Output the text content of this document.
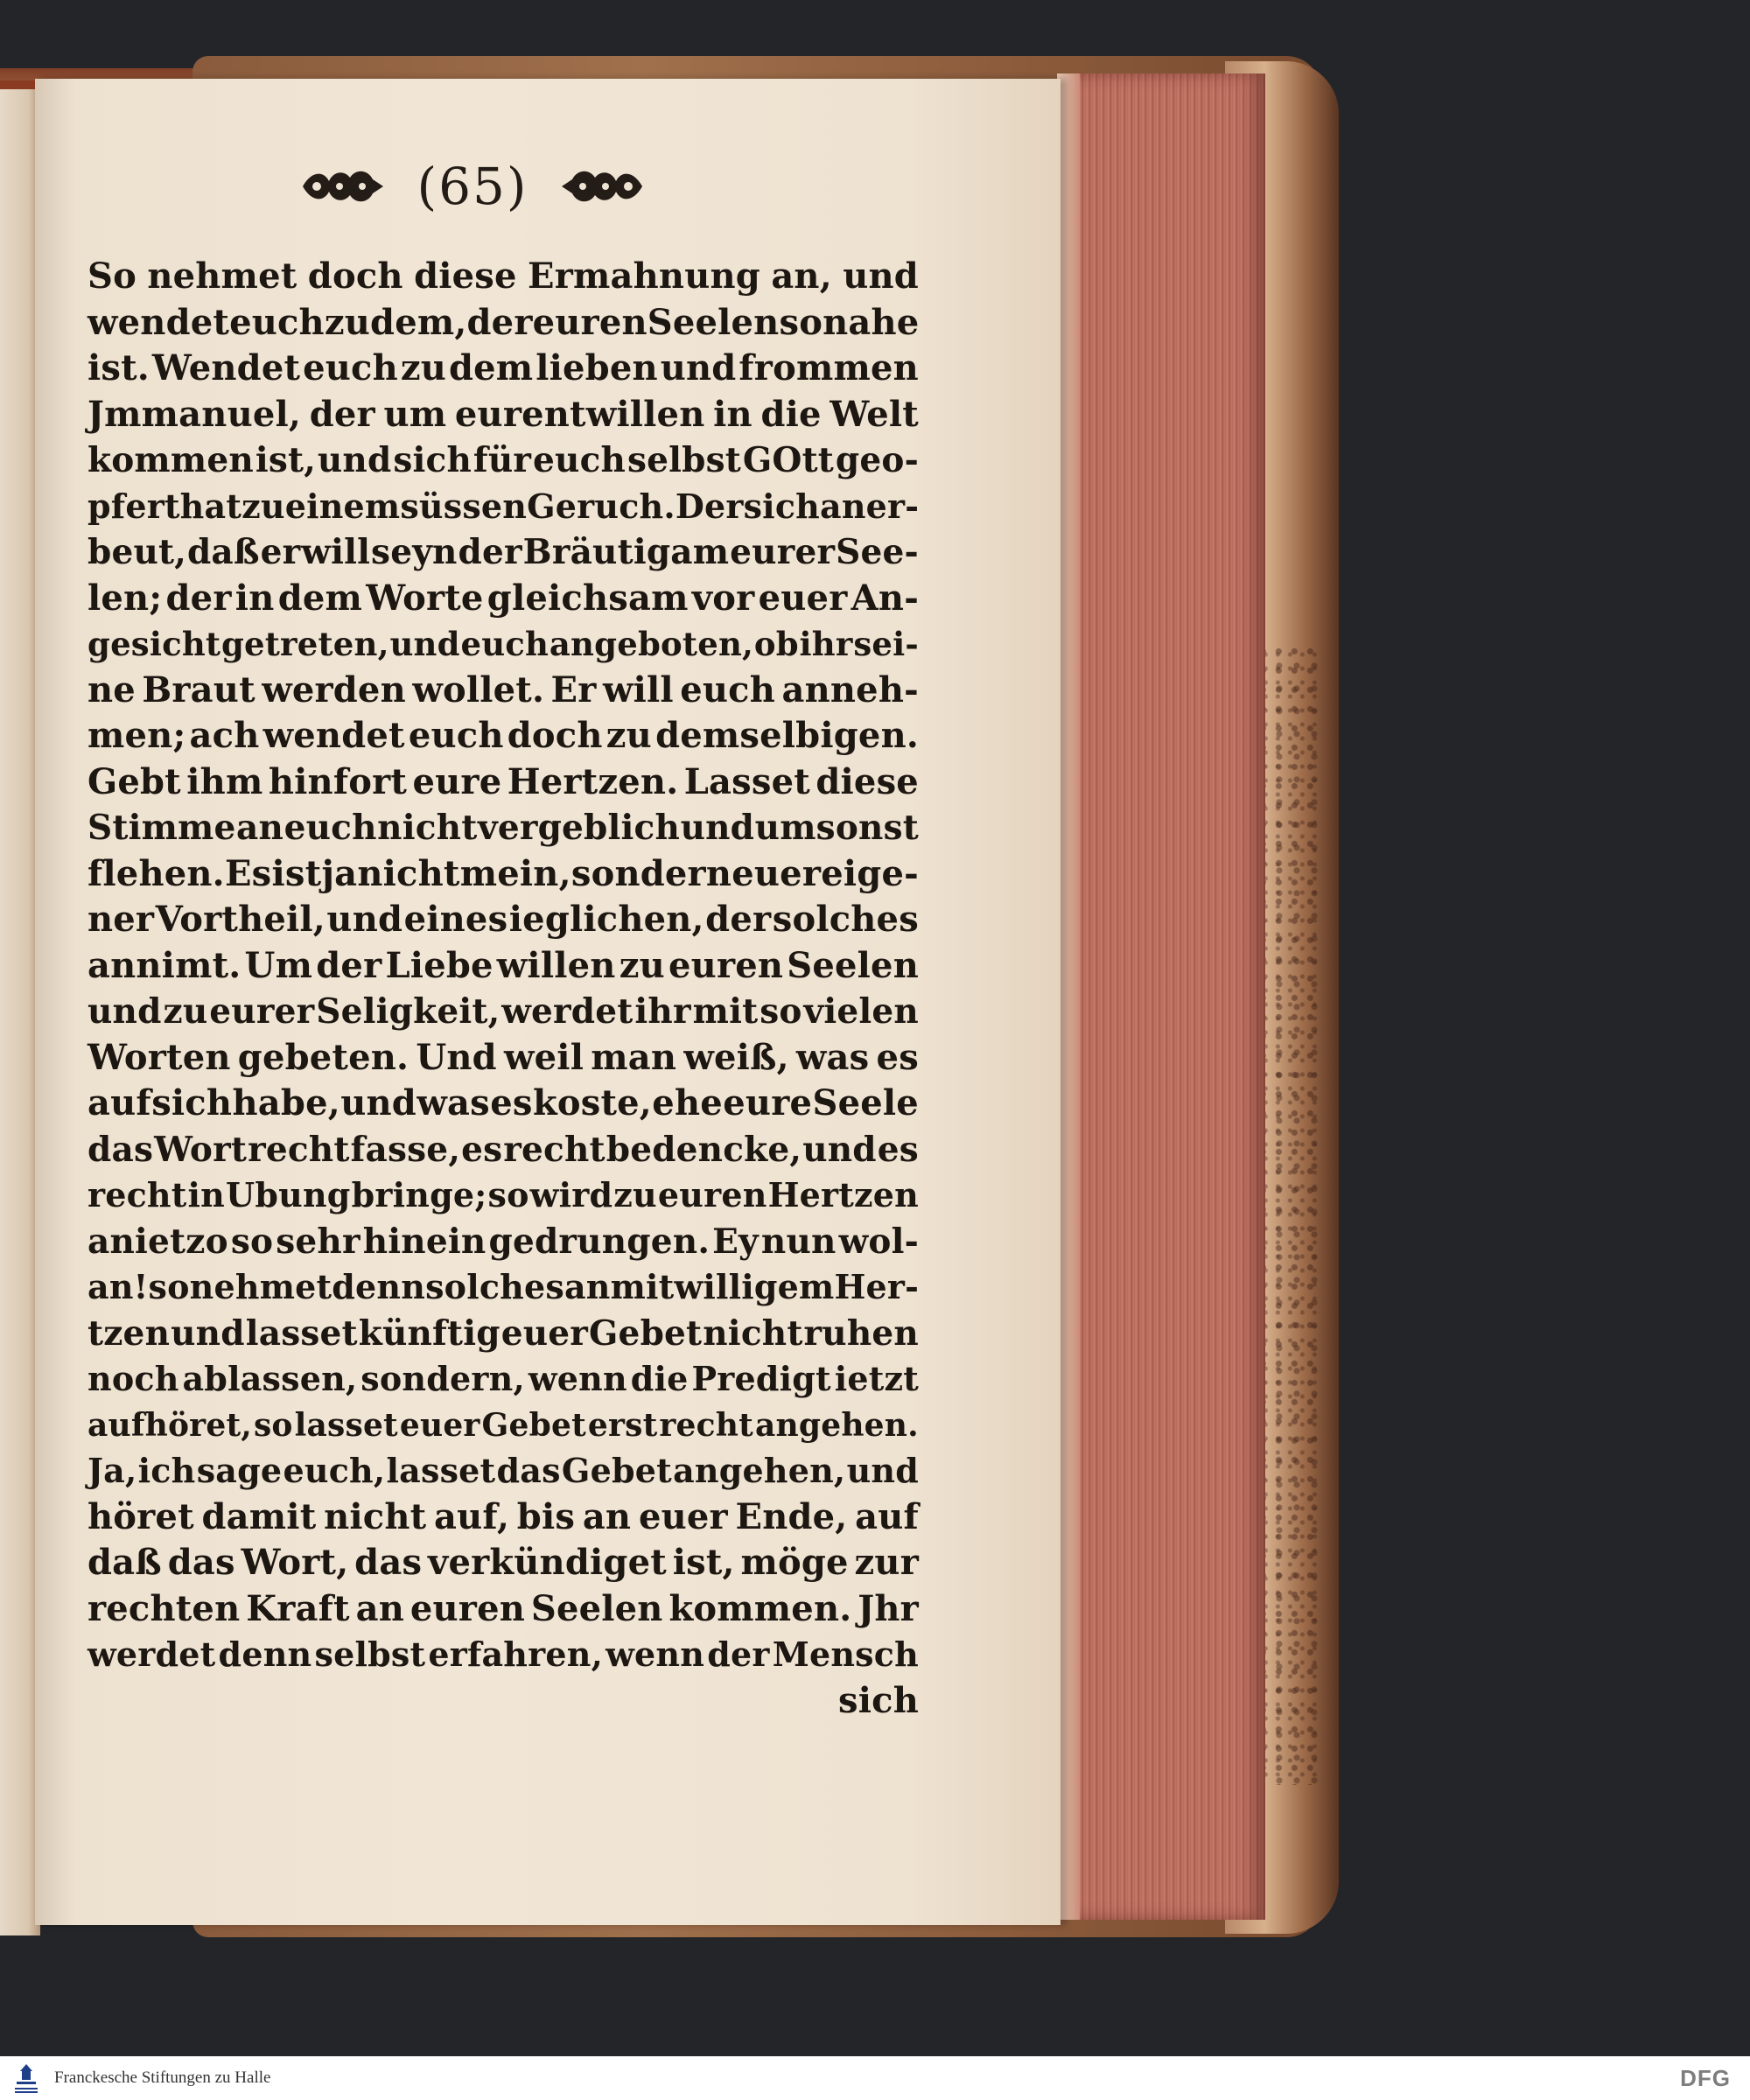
(65)
So nehmet doch diese Ermahnung an, und
wendet euch zu dem, der euren Seelen so nahe
ist. Wendet euch zu dem lieben und frommen
Jmmanuel, der um eurentwillen in die Welt
kommen ist, und sich für euch selbst GOtt geo-
pfert hat zu einem süssen Geruch. Der sich aner-
beut, daß er will seyn der Bräutigam eurer See-
len; der in dem Worte gleichsam vor euer An-
gesicht getreten, und euch angeboten, ob ihr sei-
ne Braut werden wollet. Er will euch anneh-
men; ach wendet euch doch zu demselbigen.
Gebt ihm hinfort eure Hertzen. Lasset diese
Stimme an euch nicht vergeblich und umsonst
flehen. Es ist ja nicht mein, sondern euer eige-
ner Vortheil, und eines ieglichen, der solches
annimt. Um der Liebe willen zu euren Seelen
und zu eurer Seligkeit, werdet ihr mit so vielen
Worten gebeten. Und weil man weiß, was es
auf sich habe, und was es koste, ehe eure Seele
das Wort recht fasse, es recht bedencke, und es
recht in Ubung bringe; so wird zu euren Hertzen
anietzo so sehr hinein gedrungen. Ey nun wol-
an! so nehmet denn solches an mit willigem Her-
tzen und lasset künftig euer Gebet nicht ruhen
noch ablassen, sondern, wenn die Predigt ietzt
aufhöret, so lasset euer Gebet erst recht angehen.
Ja, ich sage euch, lasset das Gebet angehen, und
höret damit nicht auf, bis an euer Ende, auf
daß das Wort, das verkündiget ist, möge zur
rechten Kraft an euren Seelen kommen. Jhr
werdet denn selbst erfahren, wenn der Mensch
sich
Franckesche Stiftungen zu Halle	DFG
